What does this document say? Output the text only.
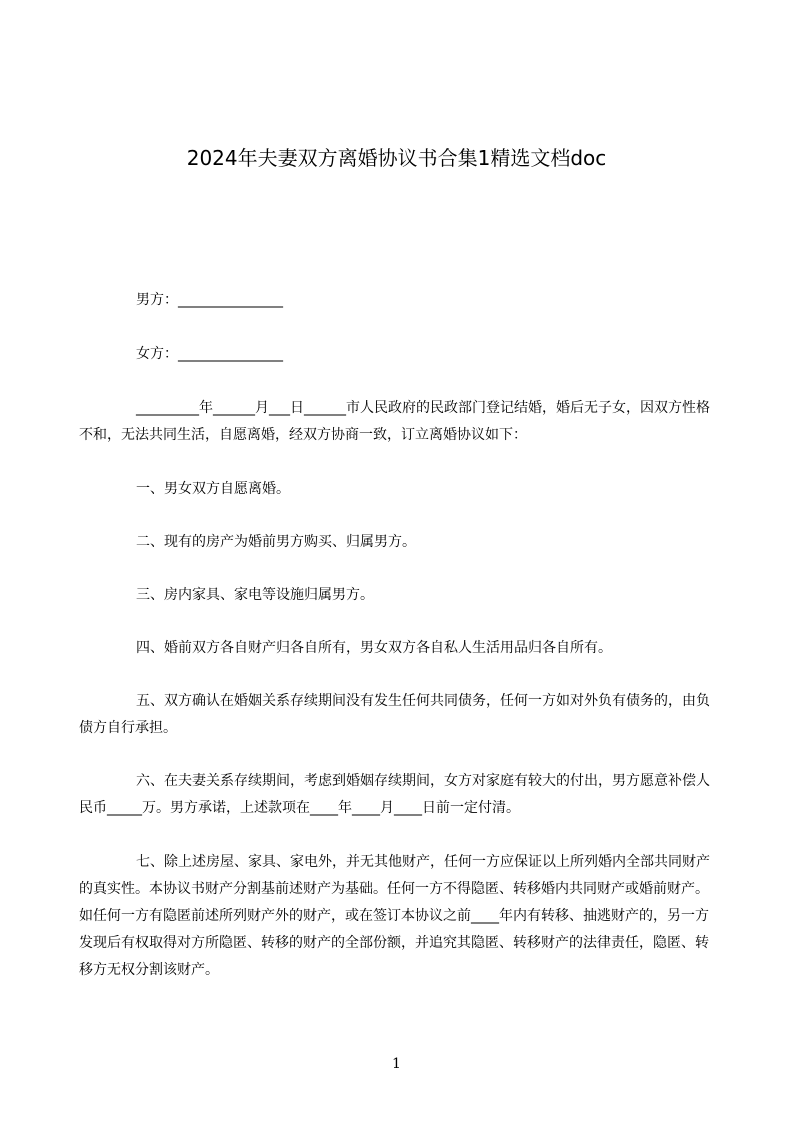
2024年夫妻双方离婚协议书合集1精选文档doc
男方：_______________
女方：_______________

_________年______月___日______市人民政府的民政部门登记结婚，婚后无子女，因双方性格不和，无法共同生活，自愿离婚，经双方协商一致，订立离婚协议如下：

一、男女双方自愿离婚。

二、现有的房产为婚前男方购买、归属男方。

三、房内家具、家电等设施归属男方。

四、婚前双方各自财产归各自所有，男女双方各自私人生活用品归各自所有。

五、双方确认在婚姻关系存续期间没有发生任何共同债务，任何一方如对外负有债务的，由负债方自行承担。

六、在夫妻关系存续期间，考虑到婚姻存续期间，女方对家庭有较大的付出，男方愿意补偿人民币_____万。男方承诺，上述款项在____年____月____日前一定付清。

七、除上述房屋、家具、家电外，并无其他财产，任何一方应保证以上所列婚内全部共同财产的真实性。本协议书财产分割基前述财产为基础。任何一方不得隐匿、转移婚内共同财产或婚前财产。如任何一方有隐匿前述所列财产外的财产，或在签订本协议之前____年内有转移、抽逃财产的，另一方发现后有权取得对方所隐匿、转移的财产的全部份额，并追究其隐匿、转移财产的法律责任，隐匿、转移方无权分割该财产。

1
